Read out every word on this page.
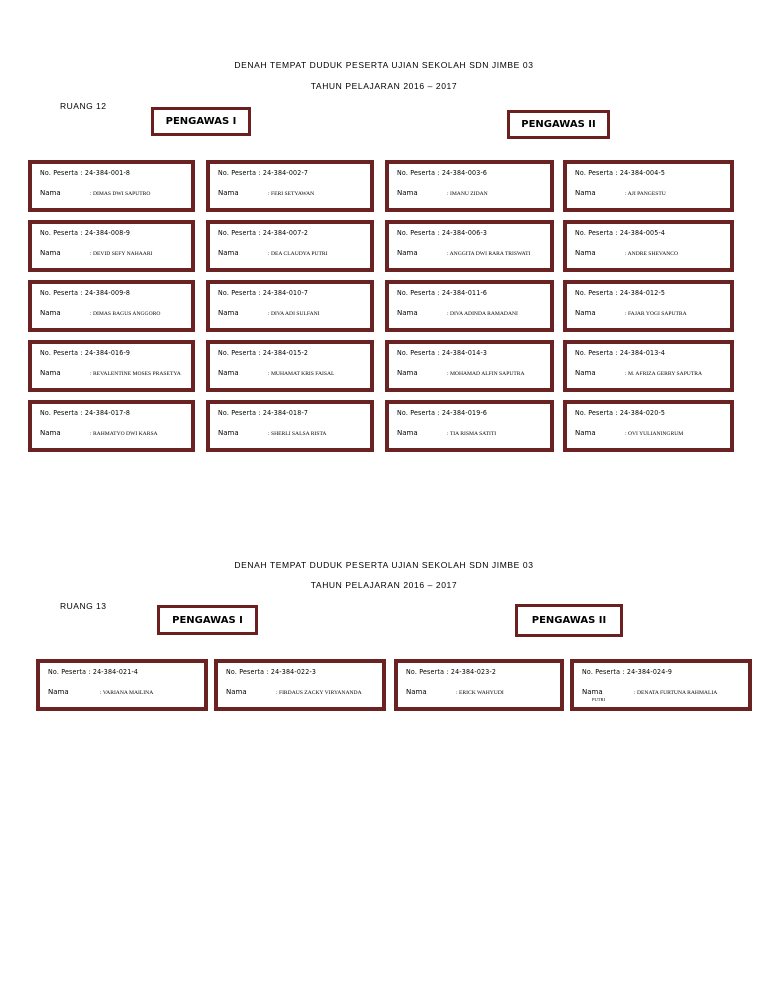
DENAH TEMPAT DUDUK PESERTA UJIAN SEKOLAH SDN JIMBE 03
TAHUN PELAJARAN 2016 – 2017
RUANG 12
PENGAWAS I	PENGAWAS II
No. Peserta : 24-384-001-8
Nama	: DIMAS DWI SAPUTRO
No. Peserta : 24-384-002-7
Nama	: FERI SETYAWAN
No. Peserta : 24-384-003-6
Nama	: IMANU ZIDAN
No. Peserta : 24-384-004-5
Nama	: AJI PANGESTU
No. Peserta : 24-384-008-9
Nama	: DEVID SEFY NAHAARI
No. Peserta : 24-384-007-2
Nama	: DEA CLAUDYA PUTRI
No. Peserta : 24-384-006-3
Nama	: ANGGITA DWI RARA TRISWATI
No. Peserta : 24-384-005-4
Nama	: ANDRE SHEVANCO
No. Peserta : 24-384-009-8
Nama	: DIMAS BAGUS ANGGORO
No. Peserta : 24-384-010-7
Nama	: DIVA ADI SULFANI
No. Peserta : 24-384-011-6
Nama	: DIVA ADINDA RAMADANI
No. Peserta : 24-384-012-5
Nama	: FAJAR YOGI SAPUTRA
No. Peserta : 24-384-016-9
Nama	: REVALENTINE MOSES PRASETYA
No. Peserta : 24-384-015-2
Nama	: MUHAMAT KRIS FAISAL
No. Peserta : 24-384-014-3
Nama	: MOHAMAD ALFIN SAPUTRA
No. Peserta : 24-384-013-4
Nama	: M. AFRIZA GERRY SAPUTRA
No. Peserta : 24-384-017-8
Nama	: RAHMATYO DWI KARSA
No. Peserta : 24-384-018-7
Nama	: SHERLI SALSA RISTA
No. Peserta : 24-384-019-6
Nama	: TIA RISMA SATITI
No. Peserta : 24-384-020-5
Nama	: OVI YULIANINGRUM
DENAH TEMPAT DUDUK PESERTA UJIAN SEKOLAH SDN JIMBE 03
TAHUN PELAJARAN 2016 – 2017
RUANG 13
PENGAWAS I	PENGAWAS II
No. Peserta : 24-384-021-4
Nama	: VARIANA MAILINA
No. Peserta : 24-384-022-3
Nama	: FIRDAUS ZACKY VIRYANANDA
No. Peserta : 24-384-023-2
Nama	: ERICK WAHYUDI
No. Peserta : 24-384-024-9
Nama	: DENATA FURTUNA RAHMALIA
PUTRI
